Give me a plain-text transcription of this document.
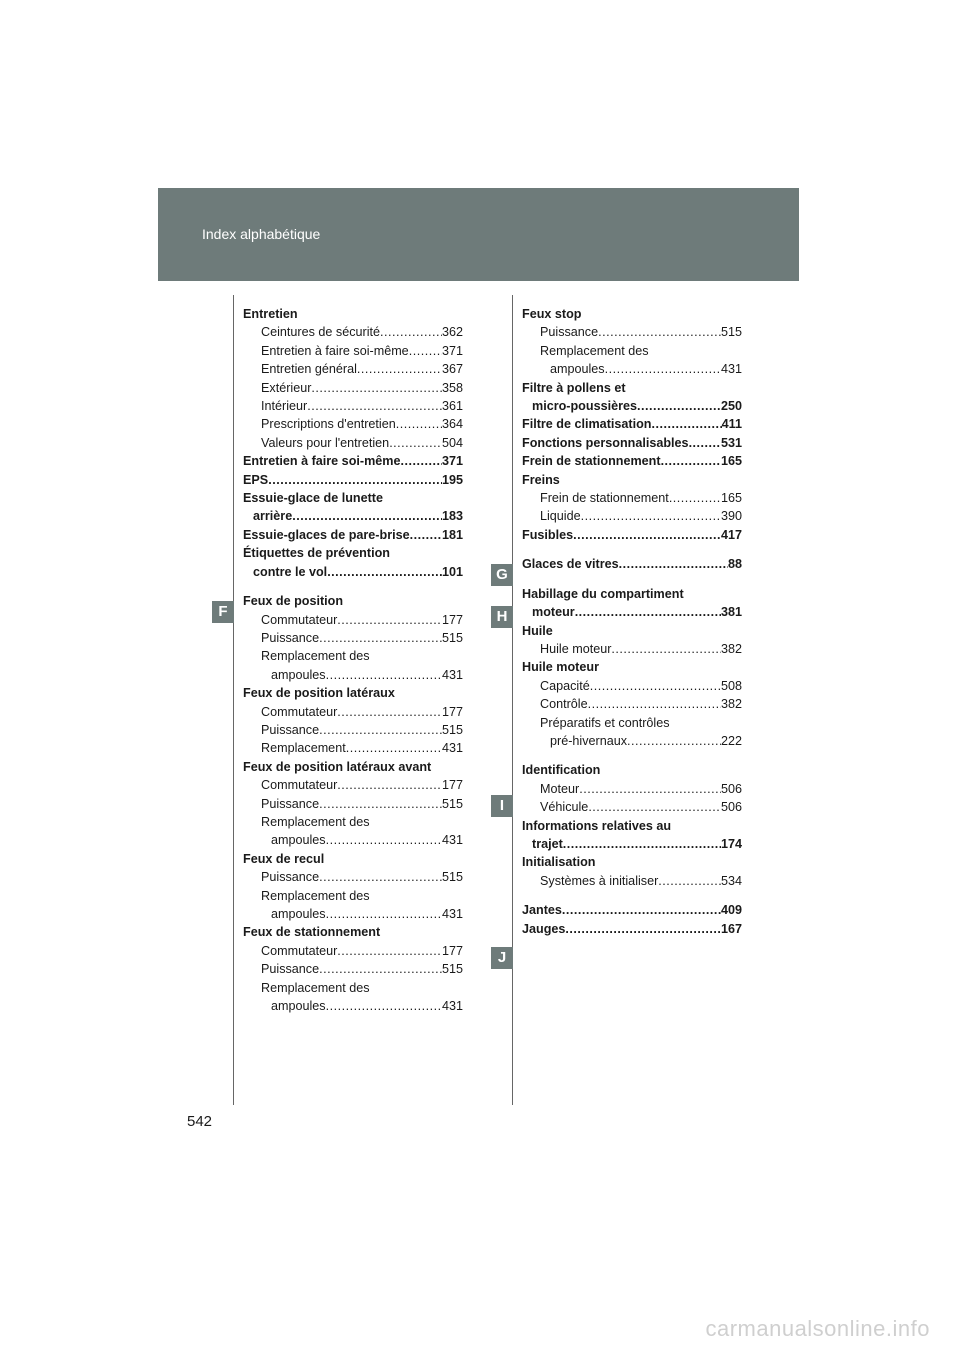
Index alphabétique
F
G
H
I
J
Entretien
Ceintures de sécurité .....	362
Entretien à faire soi-même .....	371
Entretien général .....	367
Extérieur .....	358
Intérieur .....	361
Prescriptions d'entretien .....	364
Valeurs pour l'entretien .....	504
Entretien à faire soi-même .....	371
EPS .....	195
Essuie-glace de lunette
arrière .....	183
Essuie-glaces de pare-brise .....	181
Étiquettes de prévention
contre le vol .....	101
Feux de position
Commutateur .....	177
Puissance .....	515
Remplacement des
ampoules .....	431
Feux de position latéraux
Commutateur .....	177
Puissance .....	515
Remplacement .....	431
Feux de position latéraux avant
Commutateur .....	177
Puissance .....	515
Remplacement des
ampoules .....	431
Feux de recul
Puissance .....	515
Remplacement des
ampoules .....	431
Feux de stationnement
Commutateur .....	177
Puissance .....	515
Remplacement des
ampoules .....	431
Feux stop
Puissance .....	515
Remplacement des
ampoules .....	431
Filtre à pollens et
micro-poussières .....	250
Filtre de climatisation .....	411
Fonctions personnalisables .....	531
Frein de stationnement .....	165
Freins
Frein de stationnement .....	165
Liquide .....	390
Fusibles .....	417
Glaces de vitres .....	88
Habillage du compartiment
moteur .....	381
Huile
Huile moteur .....	382
Huile moteur
Capacité .....	508
Contrôle .....	382
Préparatifs et contrôles
pré-hivernaux .....	222
Identification
Moteur .....	506
Véhicule .....	506
Informations relatives au
trajet .....	174
Initialisation
Systèmes à initialiser .....	534
Jantes .....	409
Jauges .....	167
542
carmanualsonline.info
